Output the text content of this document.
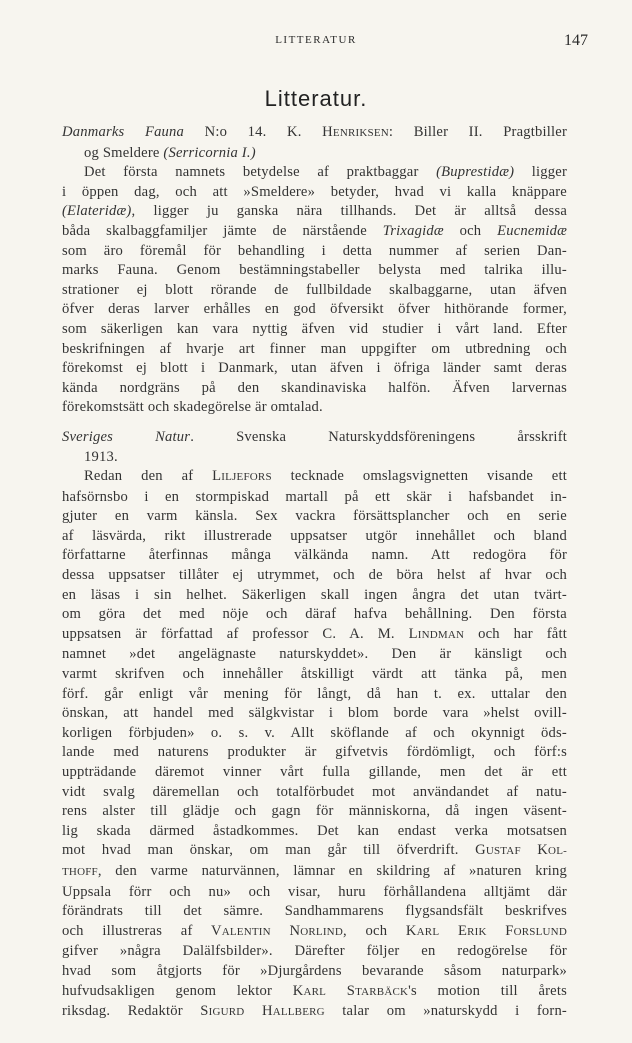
LITTERATUR	147
Litteratur.
Danmarks Fauna N:o 14. K. HENRIKSEN: Biller II. Pragtbiller
og Smeldere (Serricornia I.)
Det första namnets betydelse af praktbaggar (Buprestidæ) ligger
i öppen dag, och att »Smeldere» betyder, hvad vi kalla knäppare
(Elateridæ), ligger ju ganska nära tillhands. Det är alltså dessa
båda skalbaggfamiljer jämte de närstående Trixagidæ och Eucnemidæ
som äro föremål för behandling i detta nummer af serien Dan-
marks Fauna. Genom bestämningstabeller belysta med talrika illu-
strationer ej blott rörande de fullbildade skalbaggarne, utan äfven
öfver deras larver erhålles en god öfversikt öfver hithörande former,
som säkerligen kan vara nyttig äfven vid studier i vårt land. Efter
beskrifningen af hvarje art finner man uppgifter om utbredning och
förekomst ej blott i Danmark, utan äfven i öfriga länder samt deras
kända nordgräns på den skandinaviska halfön. Äfven larvernas
förekomstsätt och skadegörelse är omtalad.
Sveriges Natur. Svenska Naturskyddsföreningens årsskrift
1913.
Redan den af LILJEFORS tecknade omslagsvignetten visande ett
hafsörnsbo i en stormpiskad martall på ett skär i hafsbandet in-
gjuter en varm känsla. Sex vackra försättsplancher och en serie
af läsvärda, rikt illustrerade uppsatser utgör innehållet och bland
författarne återfinnas många välkända namn. Att redogöra för
dessa uppsatser tillåter ej utrymmet, och de böra helst af hvar och
en läsas i sin helhet. Säkerligen skall ingen ångra det utan tvärt-
om göra det med nöje och däraf hafva behållning. Den första
uppsatsen är författad af professor C. A. M. LINDMAN och har fått
namnet »det angelägnaste naturskyddet». Den är känsligt och
varmt skrifven och innehåller åtskilligt värdt att tänka på, men
förf. går enligt vår mening för långt, då han t. ex. uttalar den
önskan, att handel med sälgkvistar i blom borde vara »helst ovill-
korligen förbjuden» o. s. v. Allt sköflande af och okynnigt öds-
lande med naturens produkter är gifvetvis fördömligt, och förf:s
uppträdande däremot vinner vårt fulla gillande, men det är ett
vidt svalg däremellan och totalförbudet mot användandet af natu-
rens alster till glädje och gagn för människorna, då ingen väsent-
lig skada därmed åstadkommes. Det kan endast verka motsatsen
mot hvad man önskar, om man går till öfverdrift. GUSTAF KOL-
THOFF, den varme naturvännen, lämnar en skildring af »naturen kring
Uppsala förr och nu» och visar, huru förhållandena alltjämt där
förändrats till det sämre. Sandhammarens flygsandsfält beskrifves
och illustreras af VALENTIN NORLIND, och KARL ERIK FORSLUND
gifver »några Dalälfsbilder». Därefter följer en redogörelse för
hvad som åtgjorts för »Djurgårdens bevarande såsom naturpark»
hufvudsakligen genom lektor KARL STARBÄCK's motion till årets
riksdag. Redaktör SIGURD HALLBERG talar om »naturskydd i forn-
